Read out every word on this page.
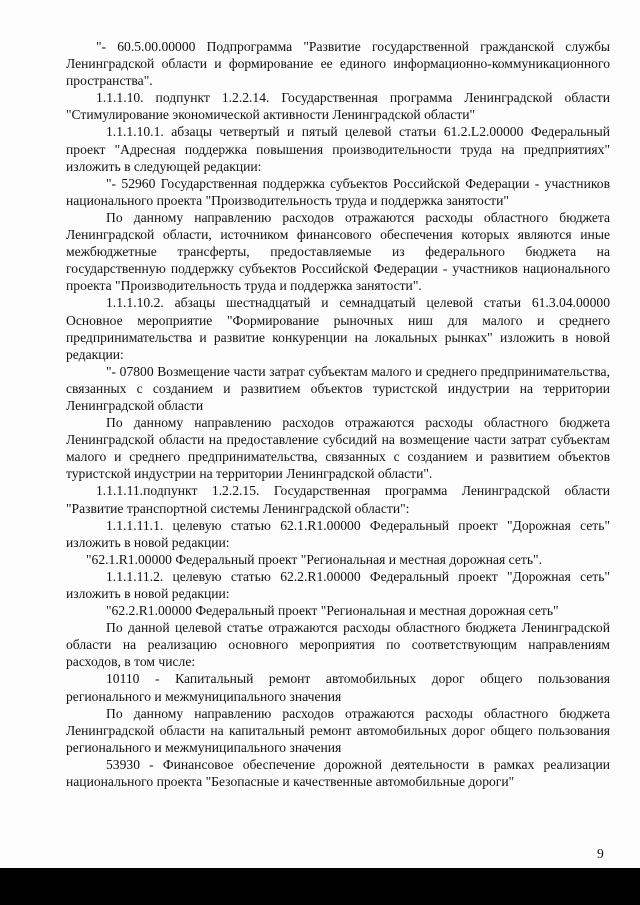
"- 60.5.00.00000 Подпрограмма "Развитие государственной гражданской службы Ленинградской области и формирование ее единого информационно-коммуникационного пространства".

1.1.1.10. подпункт 1.2.2.14. Государственная программа Ленинградской области "Стимулирование экономической активности Ленинградской области"

1.1.1.10.1. абзацы четвертый и пятый целевой статьи 61.2.L2.00000 Федеральный проект "Адресная поддержка повышения производительности труда на предприятиях" изложить в следующей редакции:

"- 52960 Государственная поддержка субъектов Российской Федерации - участников национального проекта "Производительность труда и поддержка занятости"

По данному направлению расходов отражаются расходы областного бюджета Ленинградской области, источником финансового обеспечения которых являются иные межбюджетные трансферты, предоставляемые из федерального бюджета на государственную поддержку субъектов Российской Федерации - участников национального проекта "Производительность труда и поддержка занятости".

1.1.1.10.2. абзацы шестнадцатый и семнадцатый целевой статьи 61.3.04.00000 Основное мероприятие "Формирование рыночных ниш для малого и среднего предпринимательства и развитие конкуренции на локальных рынках" изложить в новой редакции:

"- 07800 Возмещение части затрат субъектам малого и среднего предпринимательства, связанных с созданием и развитием объектов туристской индустрии на территории Ленинградской области

По данному направлению расходов отражаются расходы областного бюджета Ленинградской области на предоставление субсидий на возмещение части затрат субъектам малого и среднего предпринимательства, связанных с созданием и развитием объектов туристской индустрии на территории Ленинградской области".

1.1.1.11.подпункт 1.2.2.15. Государственная программа Ленинградской области "Развитие транспортной системы Ленинградской области":

1.1.1.11.1. целевую статью 62.1.R1.00000 Федеральный проект "Дорожная сеть" изложить в новой редакции:

"62.1.R1.00000 Федеральный проект "Региональная и местная дорожная сеть".

1.1.1.11.2. целевую статью 62.2.R1.00000 Федеральный проект "Дорожная сеть" изложить в новой редакции:

"62.2.R1.00000 Федеральный проект "Региональная и местная дорожная сеть"

По данной целевой статье отражаются расходы областного бюджета Ленинградской области на реализацию основного мероприятия по соответствующим направлениям расходов, в том числе:

10110 - Капитальный ремонт автомобильных дорог общего пользования регионального и межмуниципального значения

По данному направлению расходов отражаются расходы областного бюджета Ленинградской области на капитальный ремонт автомобильных дорог общего пользования регионального и межмуниципального значения

53930 - Финансовое обеспечение дорожной деятельности в рамках реализации национального проекта "Безопасные и качественные автомобильные дороги"

9
